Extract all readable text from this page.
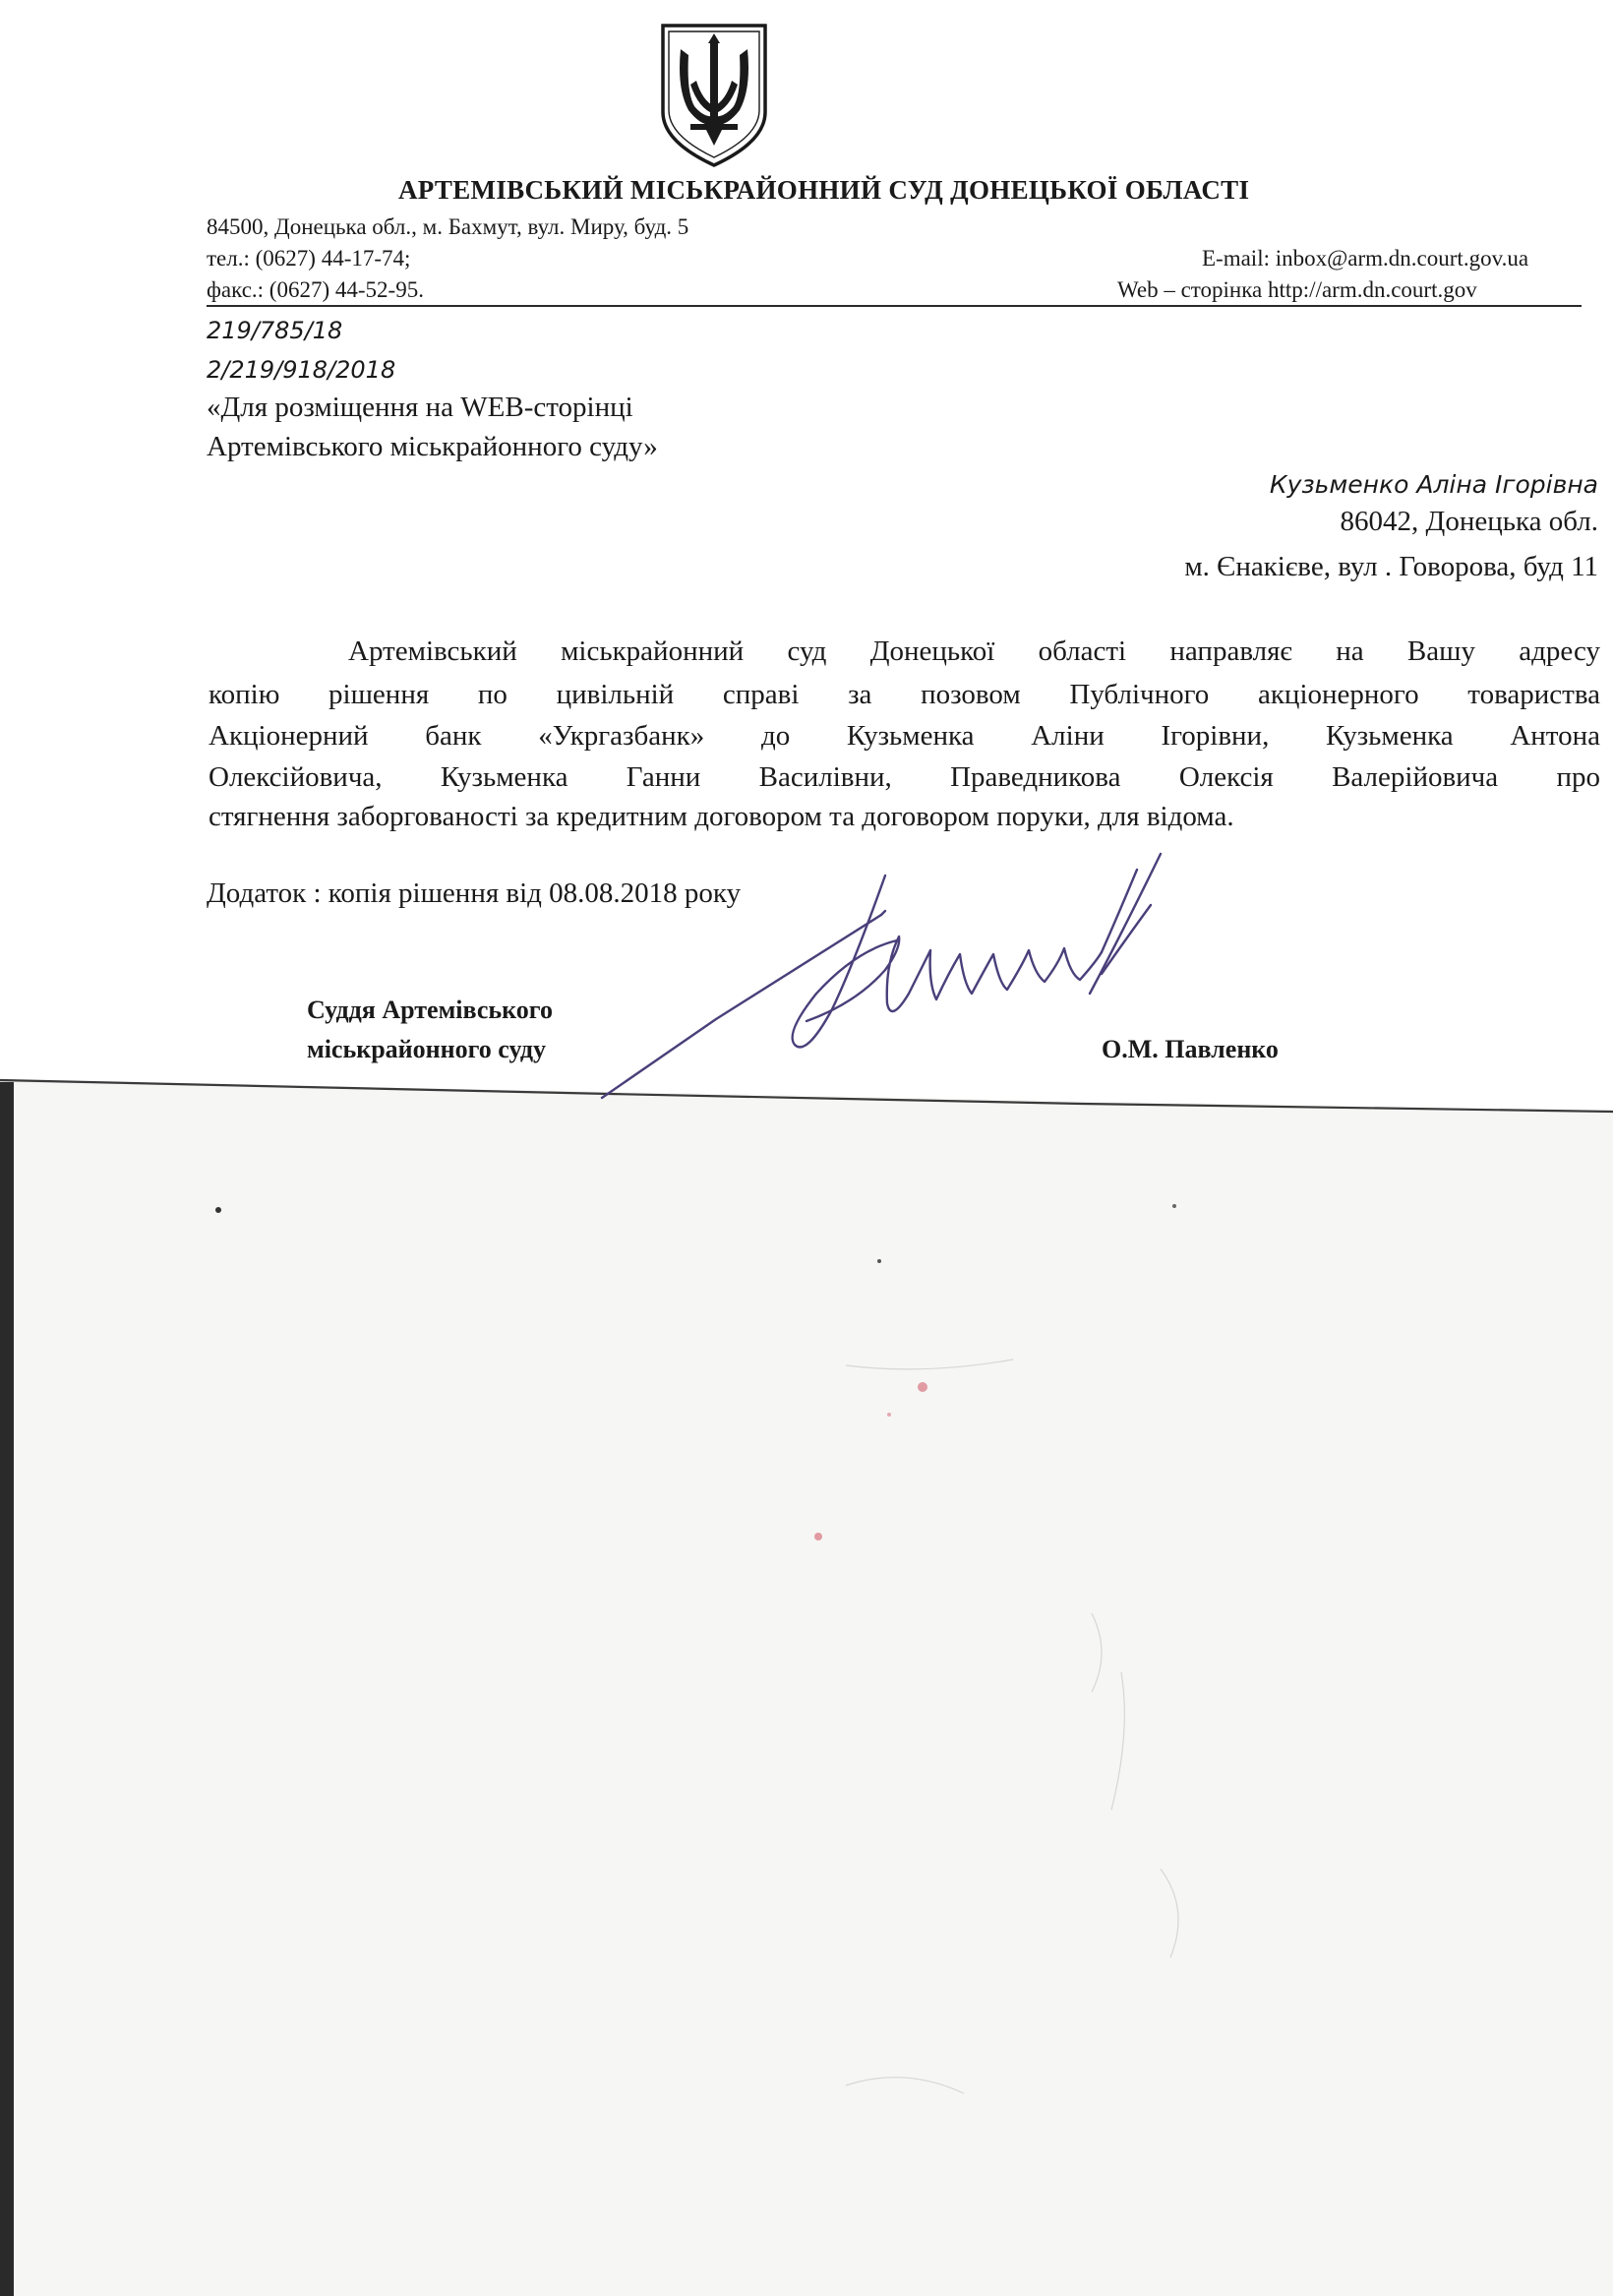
АРТЕМІВСЬКИЙ МІСЬКРАЙОННИЙ СУД ДОНЕЦЬКОЇ ОБЛАСТІ
84500, Донецька обл., м. Бахмут, вул. Миру, буд. 5
тел.: (0627) 44-17-74;
факс.: (0627) 44-52-95.
E-mail: inbox@arm.dn.court.gov.ua
Web – сторінка http://arm.dn.court.gov
219/785/18
2/219/918/2018
«Для розміщення на WEB-сторінці
Артемівського міськрайонного суду»
Кузьменко Аліна Ігорівна
86042, Донецька обл.
м. Єнакієве, вул . Говорова, буд 11
Артемівський міськрайонний суд Донецької області направляє на Вашу адресу
копію рішення по цивільній справі за позовом Публічного акціонерного товариства
Акціонерний банк «Укргазбанк» до Кузьменка Аліни Ігорівни, Кузьменка Антона
Олексійовича, Кузьменка Ганни Василівни, Праведникова Олексія Валерійовича про
стягнення заборгованості за кредитним договором та договором поруки, для відома.
Додаток : копія рішення від 08.08.2018 року
Суддя Артемівського
міськрайонного суду	О.М. Павленко
